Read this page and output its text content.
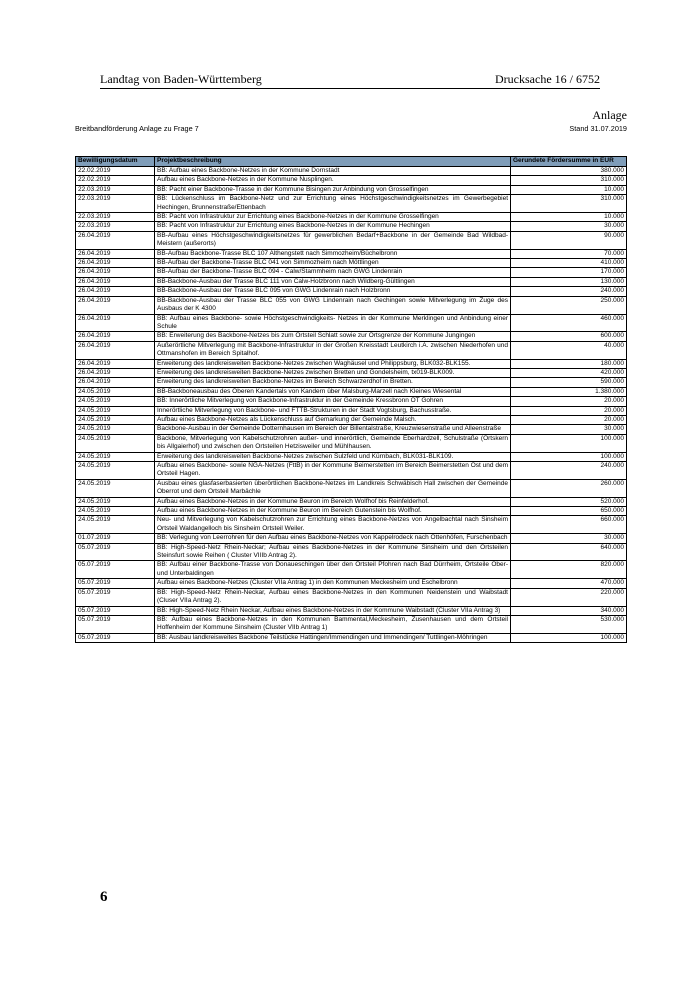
Landtag von Baden-Württemberg	Drucksache 16 / 6752
Anlage
Breitbandförderung Anlage zu Frage 7	Stand 31.07.2019
Bewilligungsdatum	Projektbeschreibung	Gerundete Fördersumme in EUR
22.02.2019	BB: Aufbau eines Backbone-Netzes in der Kommune Dornstadt	380.000
22.02.2019	Aufbau eines Backbone-Netzes in der Kommune Nusplingen.	310.000
22.03.2019	BB: Pacht einer Backbone-Trasse in der Kommune Bisingen zur Anbindung von Grosselfingen	10.000
22.03.2019	BB: Lückenschluss im Backbone-Netz und zur Errichtung eines Höchstgeschwindigkeitsnetzes im Gewerbegebiet Hechingen, Brunnenstraße/Ettenbach	310.000
22.03.2019	BB: Pacht von Infrastruktur zur Errichtung eines Backbone-Netzes in der Kommune Grosselfingen	10.000
22.03.2019	BB: Pacht von Infrastruktur zur Errichtung eines Backbone-Netzes in der Kommune Hechingen	30.000
26.04.2019	BB-Aufbau eines Höchstgeschwindigkeitsnetzes für gewerblichen Bedarf+Backbone in der Gemeinde Bad Wildbad-Meistern (außerorts)	90.000
26.04.2019	BB-Aufbau Backbone-Trasse BLC 107 Althengstett nach Simmozheim/Büchelbronn	70.000
26.04.2019	BB-Aufbau der Backbone-Trasse BLC 041 von Simmozheim nach Möttlingen	410.000
26.04.2019	BB-Aufbau der Backbone-Trasse BLC 094 - Calw/Stammheim nach GWG Lindenrain	170.000
26.04.2019	BB-Backbone-Ausbau der Trasse BLC 111 von Calw-Holzbronn nach Wildberg-Gültlingen	130.000
26.04.2019	BB-Backbone-Ausbau der Trasse BLC 095 von GWG Lindenrain nach Holzbronn	240.000
26.04.2019	BB-Backbone-Ausbau der Trasse BLC 055 von GWG Lindenrain nach Gechingen sowie Mitverlegung im Zuge des Ausbaus der K 4300	250.000
26.04.2019	BB: Aufbau eines Backbone- sowie Höchstgeschwindigkeits- Netzes in der Kommune Merklingen und Anbindung einer Schule	460.000
26.04.2019	BB: Erweiterung des Backbone-Netzes bis zum Ortsteil Schlatt sowie zur Ortsgrenze der Kommune Jungingen	600.000
26.04.2019	Außerörtliche Mitverlegung mit Backbone-Infrastruktur in der Großen Kreisstadt Leutkirch i.A. zwischen Niederhofen und Ottmanshofen im Bereich Spitalhof.	40.000
26.04.2019	Erweiterung des landkreisweiten Backbone-Netzes zwischen Waghäusel und Philippsburg, BLK032-BLK155.	180.000
26.04.2019	Erweiterung des landkreisweiten Backbone-Netzes zwischen Bretten und Gondelsheim, tx019-BLK009.	420.000
26.04.2019	Erweiterung des landkreisweiten Backbone-Netzes im Bereich Schwarzerdhof in Bretten.	590.000
24.05.2019	BB-Backboneausbau des Oberen Kandertals von Kandern über Malsburg-Marzell nach Kleines Wiesental	1.380.000
24.05.2019	BB: Innerörtliche Mitverlegung von Backbone-Infrastruktur in der Gemeinde Kressbronn OT Gohren	20.000
24.05.2019	Innerörtliche Mitverlegung von Backbone- und FTTB-Strukturen in der Stadt Vogtsburg, Bachusstraße.	20.000
24.05.2019	Aufbau eines Backbone-Netzes als Lückenschluss auf Gemarkung der Gemeinde Malsch.	20.000
24.05.2019	Backbone-Ausbau in der Gemeinde Dotternhausen im Bereich der Billentalstraße, Kreuzwiesenstraße und Alleenstraße	30.000
24.05.2019	Backbone, Mitverlegung von Kabelschutzrohren außer- und innerörtlich, Gemeinde Eberhardzell, Schulstraße (Ortskern bis Allgaierhof) und zwischen den Ortsteilen Hetzisweiler und Mühlhausen.	100.000
24.05.2019	Erweiterung des landkreisweiten Backbone-Netzes zwischen Sulzfeld und Kürnbach, BLK031-BLK109.	100.000
24.05.2019	Aufbau eines Backbone- sowie NGA-Netzes (FttB) in der Kommune Beimerstetten im Bereich Beimerstetten Ost und dem Ortsteil Hagen.	240.000
24.05.2019	Ausbau eines glasfaserbasierten überörtlichen Backbone-Netzes im Landkreis Schwäbisch Hall zwischen der Gemeinde Oberrot und dem Ortsteil Marbächle	260.000
24.05.2019	Aufbau eines Backbone-Netzes in der Kommune Beuron im Bereich Wolfhof bis Reinfelderhof.	520.000
24.05.2019	Aufbau eines Backbone-Netzes in der Kommune Beuron im Bereich Gutenstein bis Wolfhof.	650.000
24.05.2019	Neu- und Mitverlegung von Kabelschutzrohren zur Errichtung eines Backbone-Netzes von Angelbachtal nach Sinsheim Ortsteil Waldangelloch bis Sinsheim Ortsteil Weiler.	660.000
01.07.2019	BB: Verlegung von Leerrohren für den Aufbau eines Backbone-Netzes von Kappelrodeck nach Ottenhöfen, Furschenbach	30.000
05.07.2019	BB: High-Speed-Netz Rhein-Neckar; Aufbau eines Backbone-Netzes in der Kommune Sinsheim und den Ortsteilen Steinsfurt sowie Reihen ( Cluster VIIIb Antrag 2).	640.000
05.07.2019	BB: Aufbau einer Backbone-Trasse von Donaueschingen über den Ortsteil Pfohren nach Bad Dürrheim, Ortsteile Ober- und Unterbaldingen	820.000
05.07.2019	Aufbau eines Backbone-Netzes (Cluster VIIa Antrag 1) in den Kommunen Meckesheim und Eschelbronn	470.000
05.07.2019	BB: High-Speed-Netz Rhein-Neckar, Aufbau eines Backbone-Netzes in den Kommunen Neidenstein und Waibstadt (Cluser VIIa Antrag 2).	220.000
05.07.2019	BB: High-Speed-Netz Rhein Neckar, Aufbau eines Backbone-Netzes in der Kommune Waibstadt (Cluster VIIa Antrag 3)	340.000
05.07.2019	BB: Aufbau eines Backbone-Netzes in den Kommunen Bammental,Meckesheim, Zusenhausen und dem Ortsteil Hoffenheim der Kommune Sinsheim (Cluster VIIb Antrag 1)	530.000
05.07.2019	BB: Ausbau landkreisweites Backbone Teilstücke Hattingen/Immendingen und Immendingen/ Tuttlingen-Möhringen	100.000
6
